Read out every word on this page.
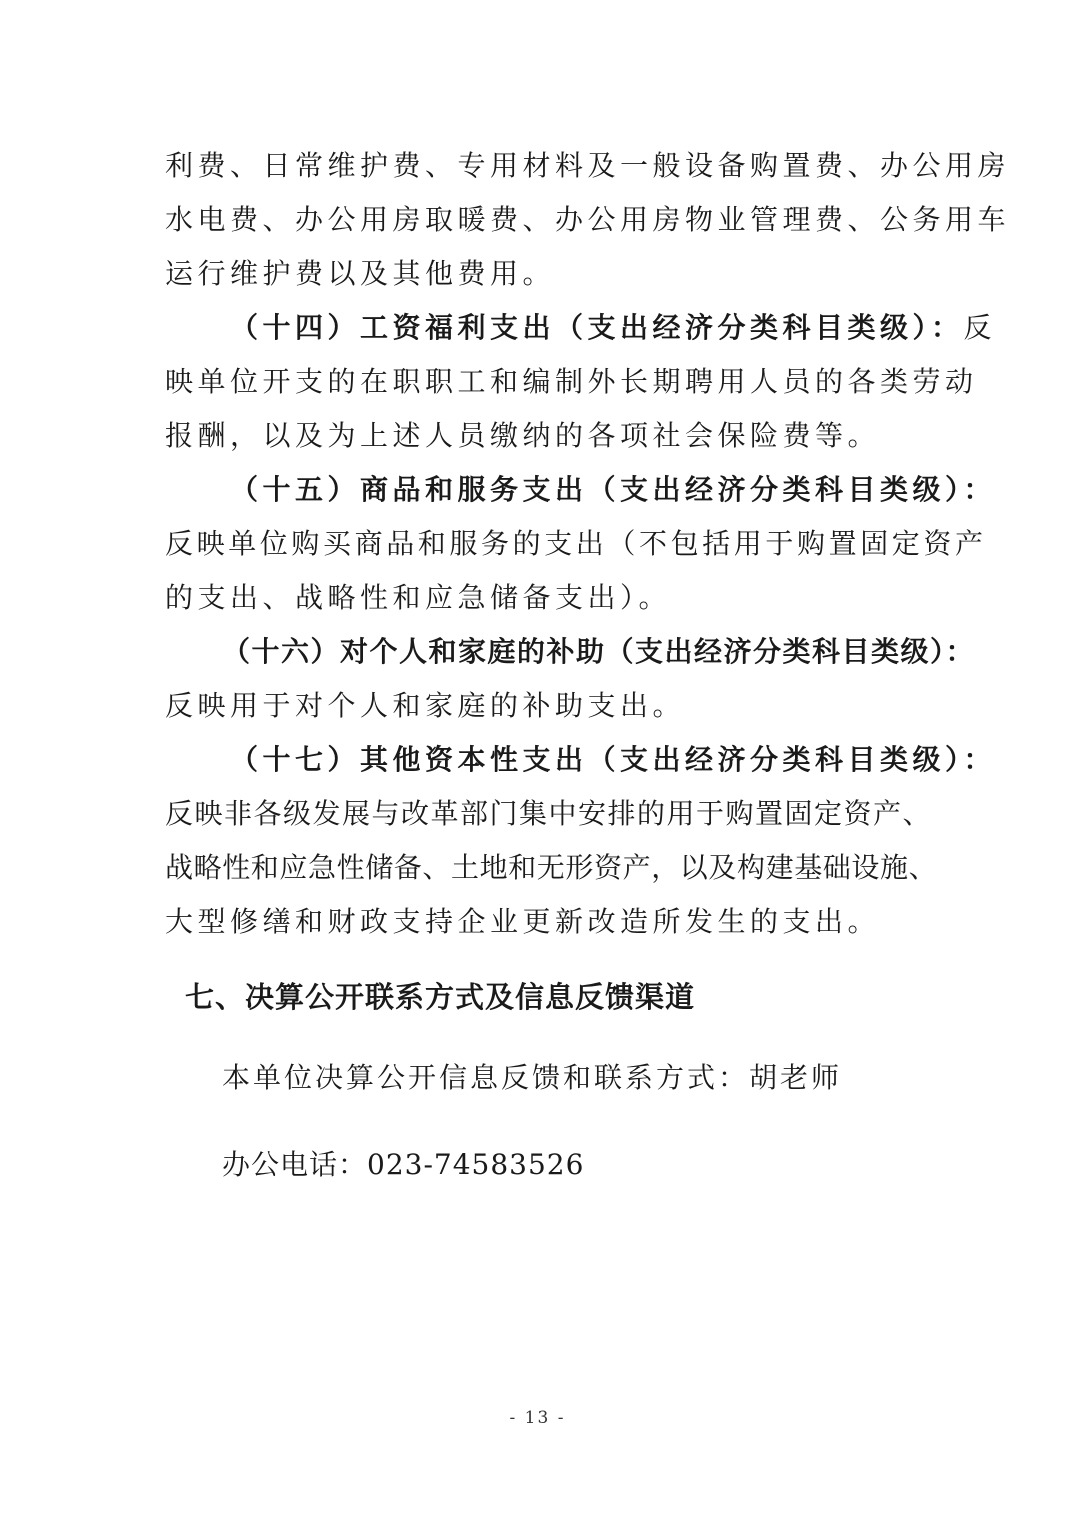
利费、日常维护费、专用材料及一般设备购置费、办公用房
水电费、办公用房取暖费、办公用房物业管理费、公务用车
运行维护费以及其他费用。
（十四）工资福利支出（支出经济分类科目类级）：反
映单位开支的在职职工和编制外长期聘用人员的各类劳动
报酬，以及为上述人员缴纳的各项社会保险费等。
（十五）商品和服务支出（支出经济分类科目类级）：
反映单位购买商品和服务的支出（不包括用于购置固定资产
的支出、战略性和应急储备支出）。
（十六）对个人和家庭的补助（支出经济分类科目类级）：
反映用于对个人和家庭的补助支出。
（十七）其他资本性支出（支出经济分类科目类级）：
反映非各级发展与改革部门集中安排的用于购置固定资产、
战略性和应急性储备、土地和无形资产，以及构建基础设施、
大型修缮和财政支持企业更新改造所发生的支出。
七、决算公开联系方式及信息反馈渠道
本单位决算公开信息反馈和联系方式：胡老师
办公电话：023-74583526
- 13 -
